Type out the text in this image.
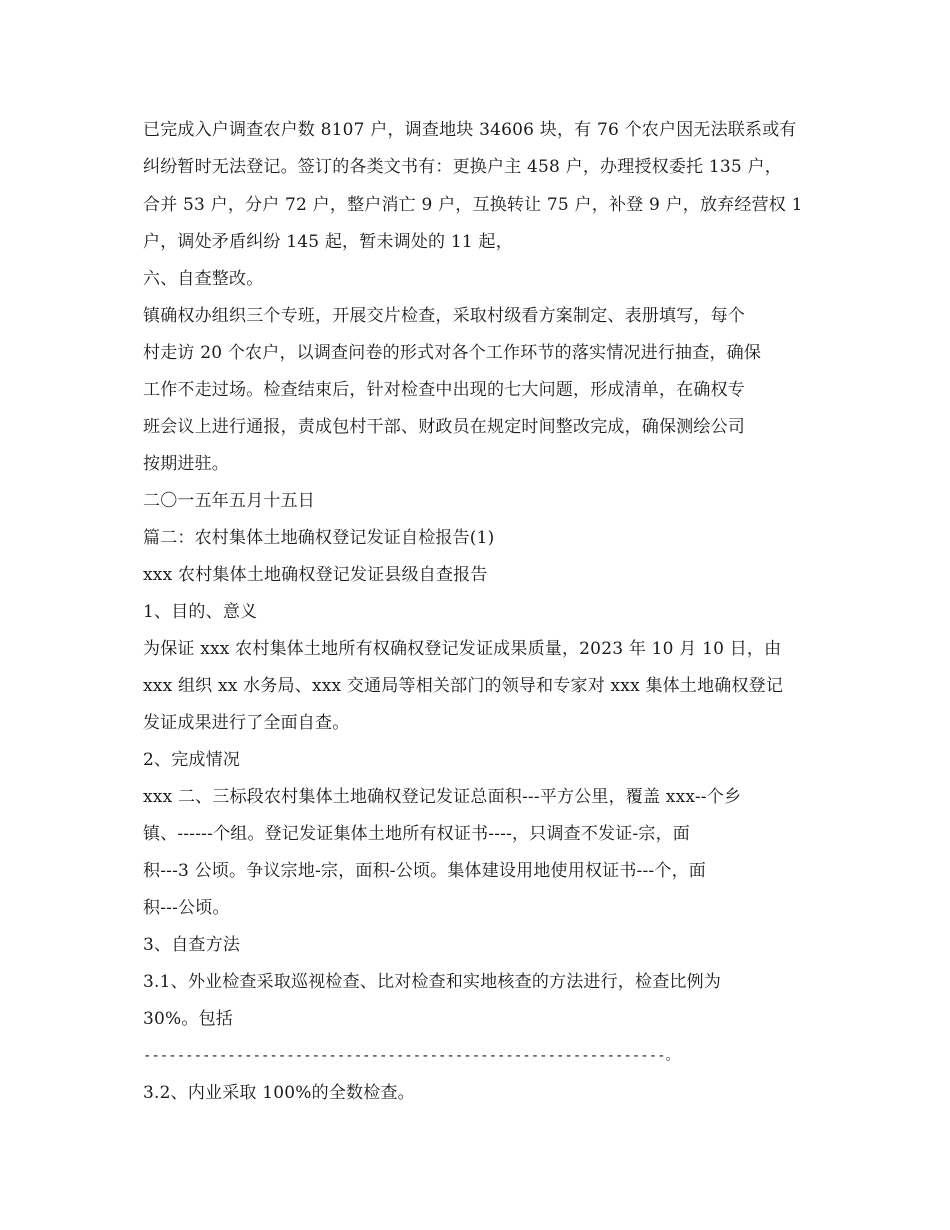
已完成入户调查农户数 8107 户，调查地块 34606 块，有 76 个农户因无法联系或有
纠纷暂时无法登记。签订的各类文书有：更换户主 458 户，办理授权委托 135 户，
合并 53 户，分户 72 户，整户消亡 9 户，互换转让 75 户，补登 9 户，放弃经营权 1
户，调处矛盾纠纷 145 起，暂未调处的 11 起，
六、自查整改。
镇确权办组织三个专班，开展交片检查，采取村级看方案制定、表册填写，每个
村走访 20 个农户，以调查问卷的形式对各个工作环节的落实情况进行抽查，确保
工作不走过场。检查结束后，针对检查中出现的七大问题，形成清单，在确权专
班会议上进行通报，责成包村干部、财政员在规定时间整改完成，确保测绘公司
按期进驻。
二〇一五年五月十五日
篇二：农村集体土地确权登记发证自检报告(1)
xxx 农村集体土地确权登记发证县级自查报告
1、目的、意义
为保证 xxx 农村集体土地所有权确权登记发证成果质量，2023 年 10 月 10 日，由
xxx 组织 xx 水务局、xxx 交通局等相关部门的领导和专家对 xxx 集体土地确权登记
发证成果进行了全面自查。
2、完成情况
xxx 二、三标段农村集体土地确权登记发证总面积---平方公里，覆盖 xxx--个乡
镇、------个组。登记发证集体土地所有权证书----，只调查不发证-宗，面
积---3 公顷。争议宗地-宗，面积-公顷。集体建设用地使用权证书---个，面
积---公顷。
3、自查方法
3.1、外业检查采取巡视检查、比对检查和实地核查的方法进行，检查比例为
30%。包括
--------------------------------------------------------------。
3.2、内业采取 100%的全数检查。
